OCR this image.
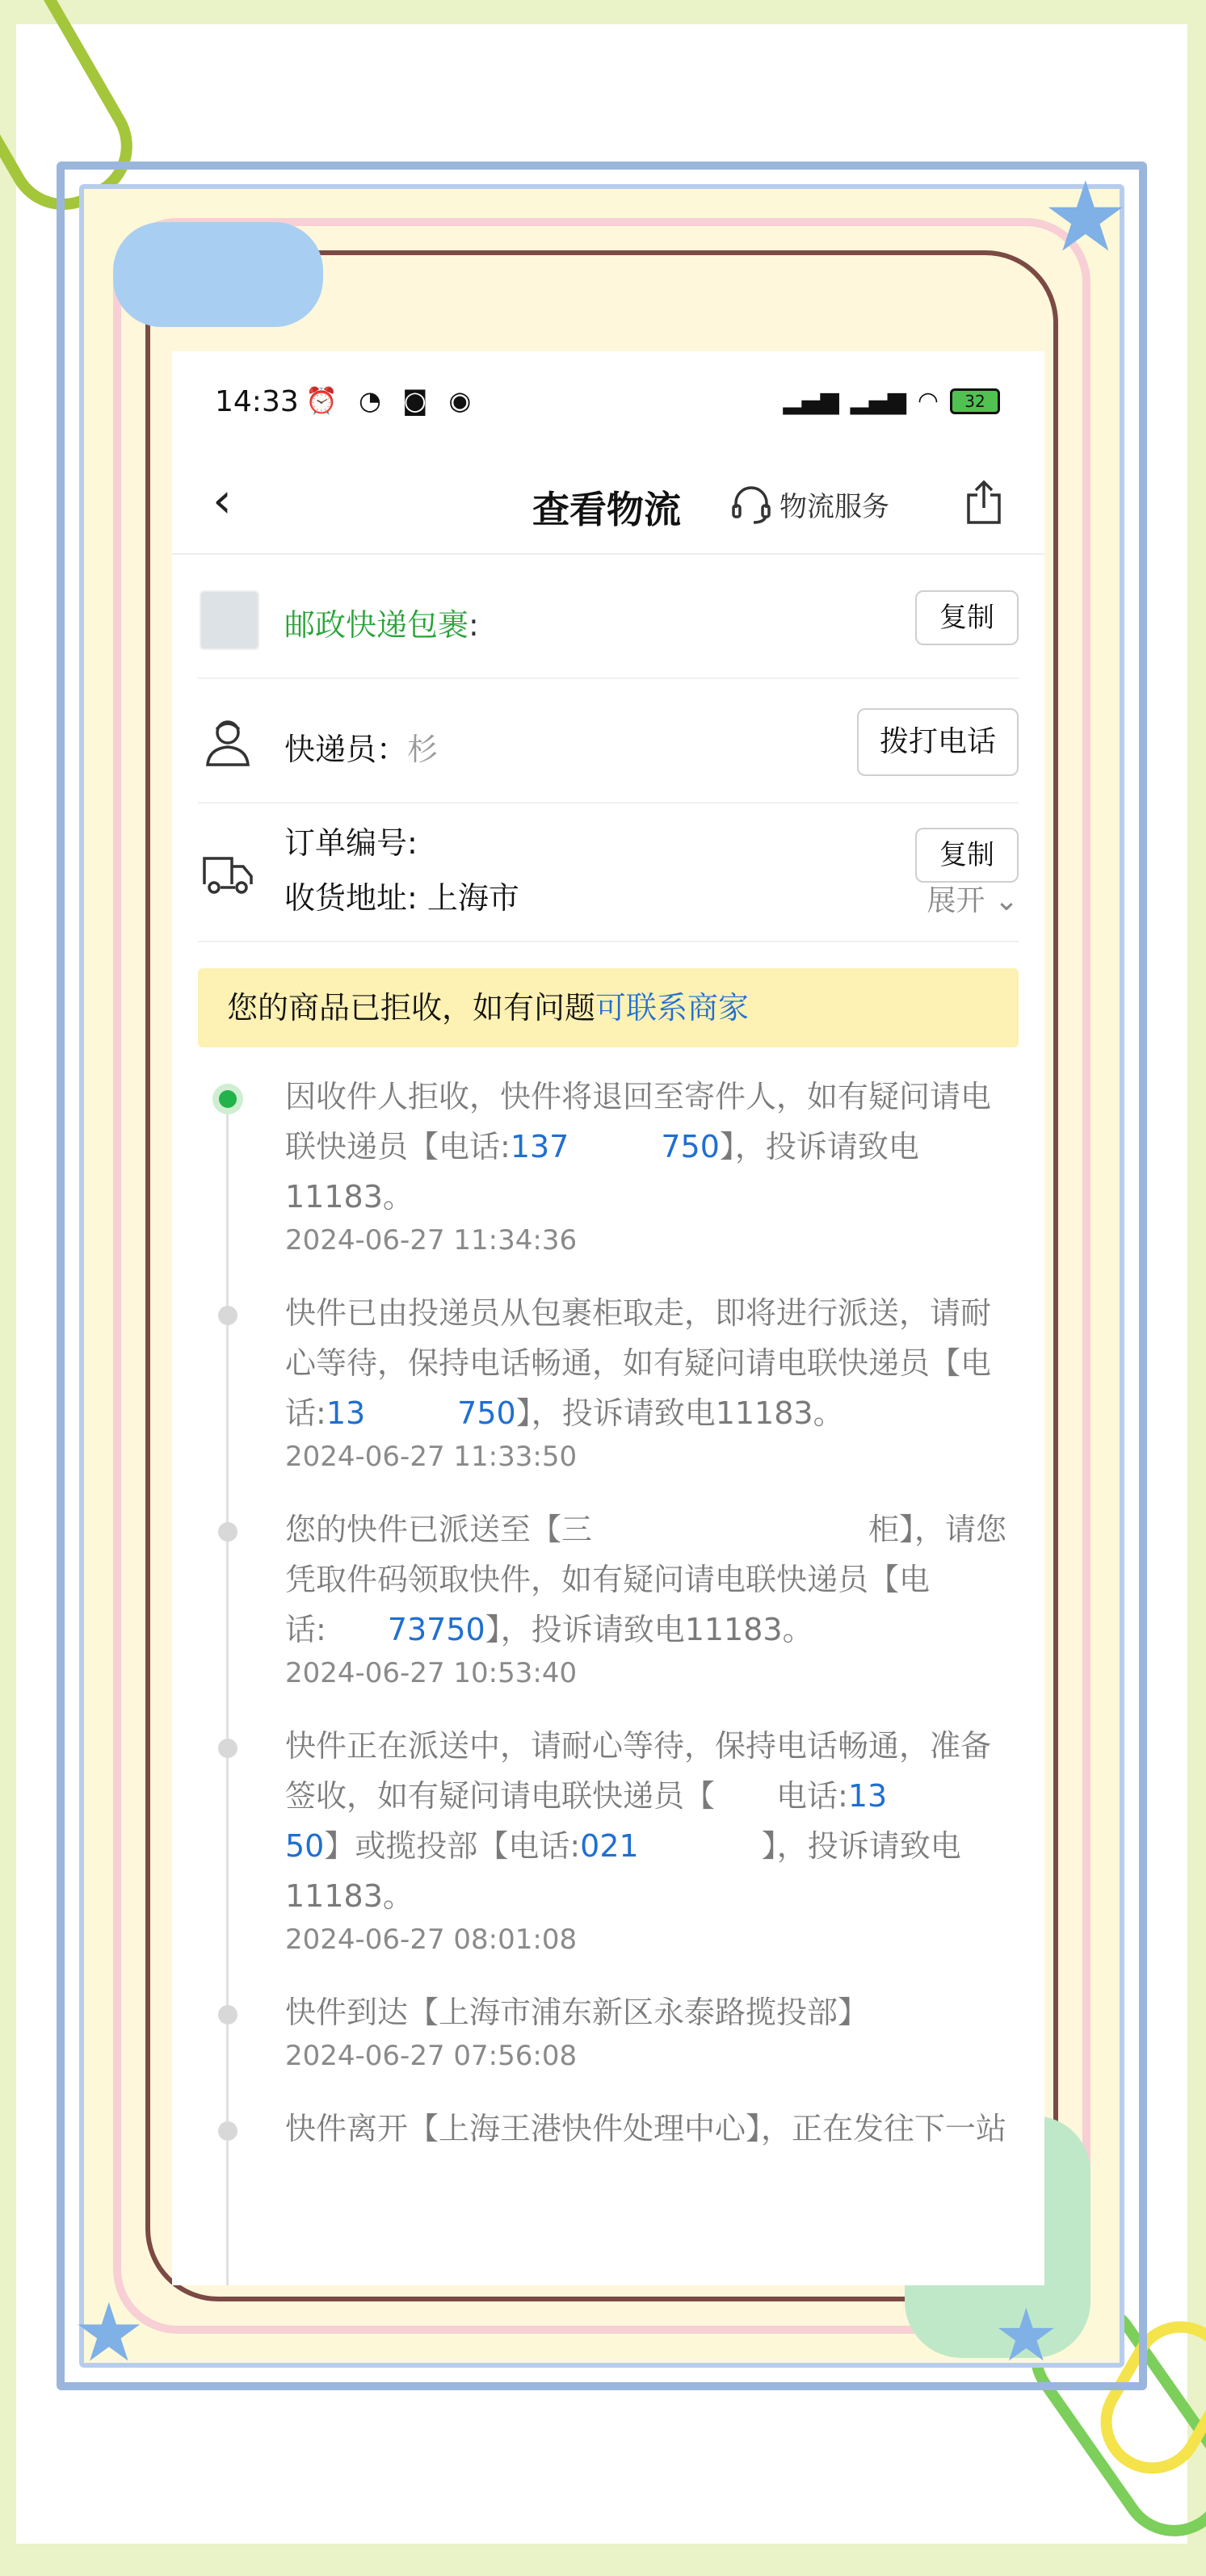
★
★	★
14:33 ⏰ ◔ ◙ ◉	▂▄▆ ▂▄▆ ◠	32
‹	查看物流	物流服务
邮政快递包裹:	复制
快递员：杉	拨打电话
订单编号:	复制
收货地址: 上海市	展开 ⌄
您的商品已拒收，如有问题可联系商家
因收件人拒收，快件将退回至寄件人，如有疑问请电联快递员【电话:137   	750】，投诉请致电11183。
2024-06-27 11:34:36
快件已由投递员从包裹柜取走，即将进行派送，请耐心等待，保持电话畅通，如有疑问请电联快递员【电话:13   	750】，投诉请致电11183。
2024-06-27 11:33:50
您的快件已派送至【三         	柜】，请您凭取件码领取快件，如有疑问请电联快递员【电话:   73750】，投诉请致电11183。
2024-06-27 10:53:40
快件正在派送中，请耐心等待，保持电话畅通，准备签收，如有疑问请电联快递员【   电话:13   50】或揽投部【电话:021    	】，投诉请致电11183。
2024-06-27 08:01:08
快件到达【上海市浦东新区永泰路揽投部】
2024-06-27 07:56:08
快件离开【上海王港快件处理中心】，正在发往下一站
